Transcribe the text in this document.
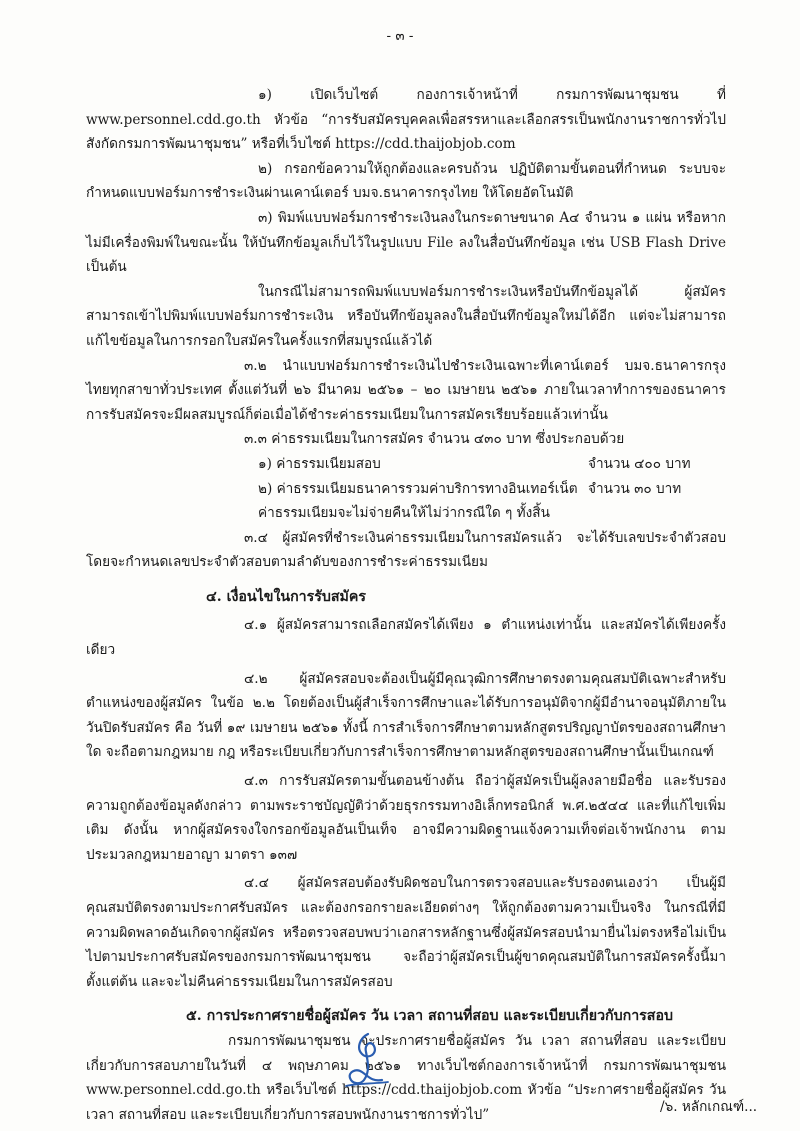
- ๓ -

๑) เปิดเว็บไซต์ กองการเจ้าหน้าที่ กรมการพัฒนาชุมชน ที่ www.personnel.cdd.go.th หัวข้อ “การรับสมัครบุคคลเพื่อสรรหาและเลือกสรรเป็นพนักงานราชการทั่วไป สังกัดกรมการพัฒนาชุมชน” หรือที่เว็บไซต์ https://cdd.thaijobjob.com

๒) กรอกข้อความให้ถูกต้องและครบถ้วน ปฏิบัติตามขั้นตอนที่กำหนด ระบบจะกำหนดแบบฟอร์มการชำระเงินผ่านเคาน์เตอร์ บมจ.ธนาคารกรุงไทย ให้โดยอัตโนมัติ

๓) พิมพ์แบบฟอร์มการชำระเงินลงในกระดาษขนาด A๔ จำนวน ๑ แผ่น หรือหากไม่มีเครื่องพิมพ์ในขณะนั้น ให้บันทึกข้อมูลเก็บไว้ในรูปแบบ File ลงในสื่อบันทึกข้อมูล เช่น USB Flash Drive เป็นต้น

ในกรณีไม่สามารถพิมพ์แบบฟอร์มการชำระเงินหรือบันทึกข้อมูลได้ ผู้สมัครสามารถเข้าไปพิมพ์แบบฟอร์มการชำระเงิน หรือบันทึกข้อมูลลงในสื่อบันทึกข้อมูลใหม่ได้อีก แต่จะไม่สามารถแก้ไขข้อมูลในการกรอกใบสมัครในครั้งแรกที่สมบูรณ์แล้วได้

๓.๒ นำแบบฟอร์มการชำระเงินไปชำระเงินเฉพาะที่เคาน์เตอร์ บมจ.ธนาคารกรุงไทยทุกสาขาทั่วประเทศ ตั้งแต่วันที่ ๒๖ มีนาคม ๒๕๖๑ – ๒๐ เมษายน ๒๕๖๑ ภายในเวลาทำการของธนาคาร การรับสมัครจะมีผลสมบูรณ์ก็ต่อเมื่อได้ชำระค่าธรรมเนียมในการสมัครเรียบร้อยแล้วเท่านั้น

๓.๓ ค่าธรรมเนียมในการสมัคร จำนวน ๔๓๐ บาท ซึ่งประกอบด้วย

๑) ค่าธรรมเนียมสอบ	จำนวน ๔๐๐ บาท
๒) ค่าธรรมเนียมธนาคารรวมค่าบริการทางอินเทอร์เน็ต จำนวน ๓๐ บาท

ค่าธรรมเนียมจะไม่จ่ายคืนให้ไม่ว่ากรณีใด ๆ ทั้งสิ้น

๓.๔ ผู้สมัครที่ชำระเงินค่าธรรมเนียมในการสมัครแล้ว จะได้รับเลขประจำตัวสอบ โดยจะกำหนดเลขประจำตัวสอบตามลำดับของการชำระค่าธรรมเนียม

๔. เงื่อนไขในการรับสมัคร

๔.๑ ผู้สมัครสามารถเลือกสมัครได้เพียง ๑ ตำแหน่งเท่านั้น และสมัครได้เพียงครั้งเดียว

๔.๒ ผู้สมัครสอบจะต้องเป็นผู้มีคุณวุฒิการศึกษาตรงตามคุณสมบัติเฉพาะสำหรับตำแหน่งของผู้สมัคร ในข้อ ๒.๒ โดยต้องเป็นผู้สำเร็จการศึกษาและได้รับการอนุมัติจากผู้มีอำนาจอนุมัติภายในวันปิดรับสมัคร คือ วันที่ ๑๙ เมษายน ๒๕๖๑ ทั้งนี้ การสำเร็จการศึกษาตามหลักสูตรปริญญาบัตรของสถานศึกษาใด จะถือตามกฎหมาย กฎ หรือระเบียบเกี่ยวกับการสำเร็จการศึกษาตามหลักสูตรของสถานศึกษานั้นเป็นเกณฑ์

๔.๓ การรับสมัครตามขั้นตอนข้างต้น ถือว่าผู้สมัครเป็นผู้ลงลายมือชื่อ และรับรองความถูกต้องข้อมูลดังกล่าว ตามพระราชบัญญัติว่าด้วยธุรกรรมทางอิเล็กทรอนิกส์ พ.ศ.๒๕๔๔ และที่แก้ไขเพิ่มเติม ดังนั้น หากผู้สมัครจงใจกรอกข้อมูลอันเป็นเท็จ อาจมีความผิดฐานแจ้งความเท็จต่อเจ้าพนักงาน ตามประมวลกฎหมายอาญา มาตรา ๑๓๗

๔.๔ ผู้สมัครสอบต้องรับผิดชอบในการตรวจสอบและรับรองตนเองว่า เป็นผู้มีคุณสมบัติตรงตามประกาศรับสมัคร และต้องกรอกรายละเอียดต่างๆ ให้ถูกต้องตามความเป็นจริง ในกรณีที่มีความผิดพลาดอันเกิดจากผู้สมัคร หรือตรวจสอบพบว่าเอกสารหลักฐานซึ่งผู้สมัครสอบนำมายื่นไม่ตรงหรือไม่เป็นไปตามประกาศรับสมัครของกรมการพัฒนาชุมชน จะถือว่าผู้สมัครเป็นผู้ขาดคุณสมบัติในการสมัครครั้งนี้มาตั้งแต่ต้น และจะไม่คืนค่าธรรมเนียมในการสมัครสอบ

๕. การประกาศรายชื่อผู้สมัคร วัน เวลา สถานที่สอบ และระเบียบเกี่ยวกับการสอบ

กรมการพัฒนาชุมชน จะประกาศรายชื่อผู้สมัคร วัน เวลา สถานที่สอบ และระเบียบเกี่ยวกับการสอบภายในวันที่ ๔ พฤษภาคม ๒๕๖๑ ทางเว็บไซต์กองการเจ้าหน้าที่ กรมการพัฒนาชุมชน www.personnel.cdd.go.th หรือเว็บไซต์ https://cdd.thaijobjob.com หัวข้อ “ประกาศรายชื่อผู้สมัคร วันเวลา สถานที่สอบ และระเบียบเกี่ยวกับการสอบพนักงานราชการทั่วไป”	/๖. หลักเกณฑ์...
